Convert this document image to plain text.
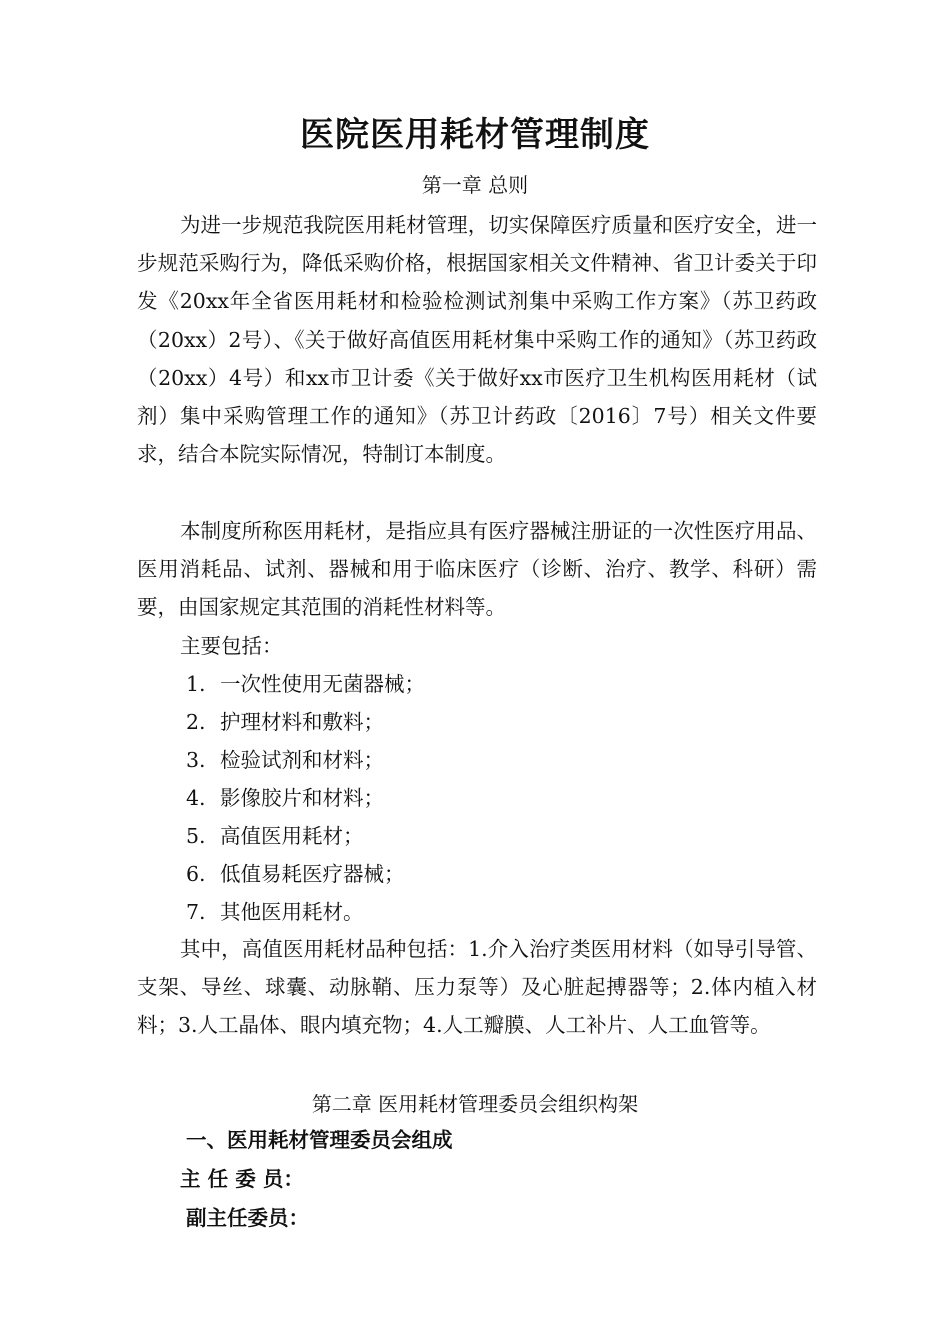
医院医用耗材管理制度
第一章 总则
为进一步规范我院医用耗材管理，切实保障医疗质量和医疗安全，进一步规范采购行为，降低采购价格，根据国家相关文件精神、省卫计委关于印发《20xx年全省医用耗材和检验检测试剂集中采购工作方案》（苏卫药政（20xx）2号）、《关于做好高值医用耗材集中采购工作的通知》（苏卫药政（20xx）4号）和xx市卫计委《关于做好xx市医疗卫生机构医用耗材（试剂）集中采购管理工作的通知》（苏卫计药政〔2016〕7号）相关文件要求，结合本院实际情况，特制订本制度。
本制度所称医用耗材，是指应具有医疗器械注册证的一次性医疗用品、医用消耗品、试剂、器械和用于临床医疗（诊断、治疗、教学、科研）需要，由国家规定其范围的消耗性材料等。
主要包括：
1. 一次性使用无菌器械；
2. 护理材料和敷料；
3. 检验试剂和材料；
4. 影像胶片和材料；
5. 高值医用耗材；
6. 低值易耗医疗器械；
7. 其他医用耗材。
其中，高值医用耗材品种包括：1.介入治疗类医用材料（如导引导管、支架、导丝、球囊、动脉鞘、压力泵等）及心脏起搏器等；2.体内植入材料；3.人工晶体、眼内填充物；4.人工瓣膜、人工补片、人工血管等。
第二章 医用耗材管理委员会组织构架
一、医用耗材管理委员会组成
主 任 委 员：
副主任委员：
